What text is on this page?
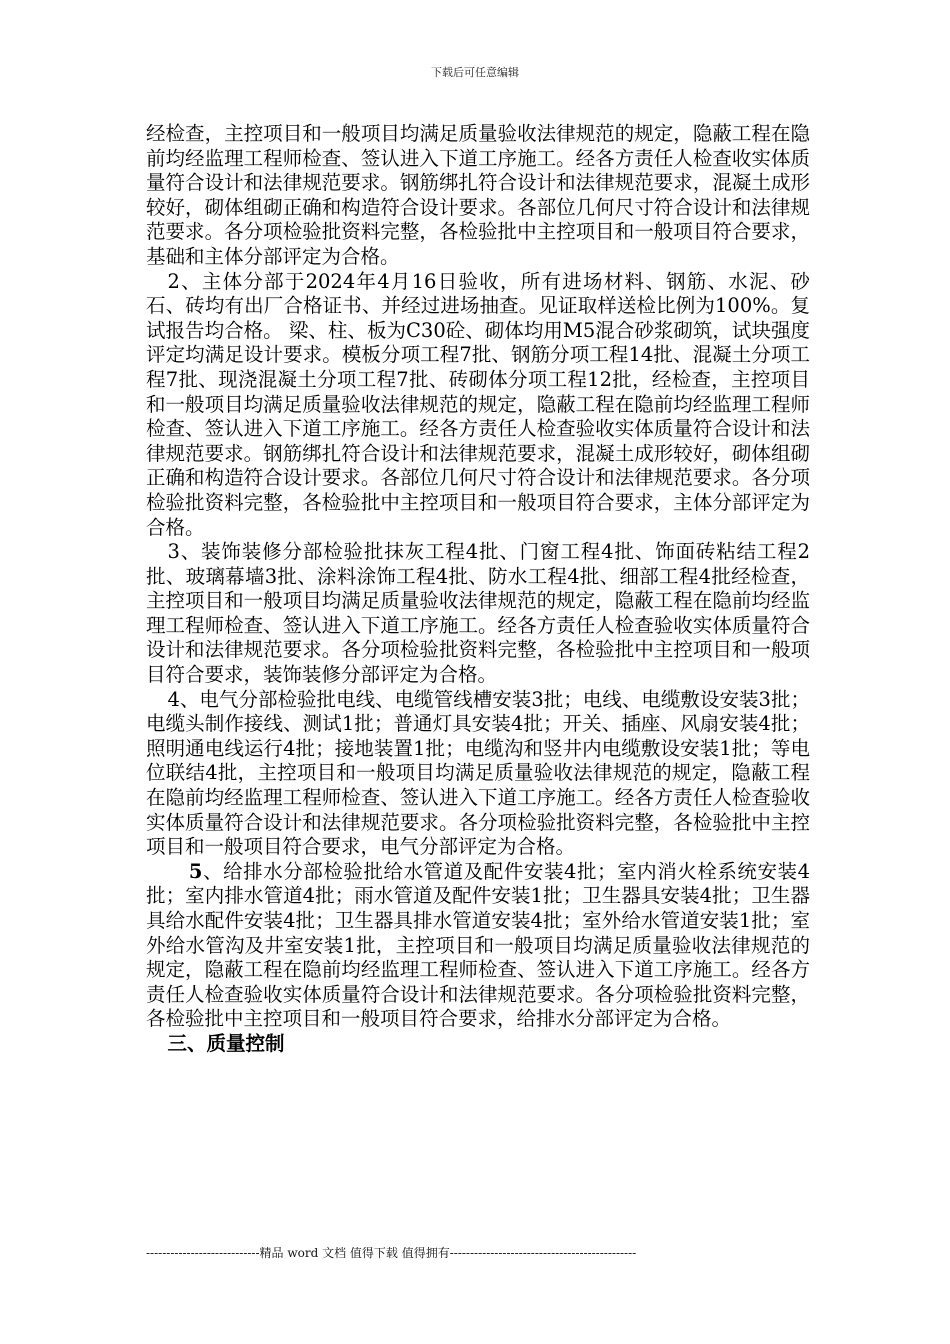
下载后可任意编辑

经检查，主控项目和一般项目均满足质量验收法律规范的规定，隐蔽工程在隐前均经监理工程师检查、签认进入下道工序施工。经各方责任人检查收实体质量符合设计和法律规范要求。钢筋绑扎符合设计和法律规范要求，混凝土成形较好，砌体组砌正确和构造符合设计要求。各部位几何尺寸符合设计和法律规范要求。各分项检验批资料完整，各检验批中主控项目和一般项目符合要求，基础和主体分部评定为合格。

2、主体分部于2024年4月16日验收，所有进场材料、钢筋、水泥、砂石、砖均有出厂合格证书、并经过进场抽查。见证取样送检比例为100%。复试报告均合格。 梁、柱、板为C30砼、砌体均用M5混合砂浆砌筑，试块强度评定均满足设计要求。模板分项工程7批、钢筋分项工程14批、混凝土分项工程7批、现浇混凝土分项工程7批、砖砌体分项工程12批，经检查，主控项目和一般项目均满足质量验收法律规范的规定，隐蔽工程在隐前均经监理工程师检查、签认进入下道工序施工。经各方责任人检查验收实体质量符合设计和法律规范要求。钢筋绑扎符合设计和法律规范要求，混凝土成形较好，砌体组砌正确和构造符合设计要求。各部位几何尺寸符合设计和法律规范要求。各分项检验批资料完整，各检验批中主控项目和一般项目符合要求，主体分部评定为合格。

3、装饰装修分部检验批抹灰工程4批、门窗工程4批、饰面砖粘结工程2批、玻璃幕墙3批、涂料涂饰工程4批、防水工程4批、细部工程4批经检查，主控项目和一般项目均满足质量验收法律规范的规定，隐蔽工程在隐前均经监理工程师检查、签认进入下道工序施工。经各方责任人检查验收实体质量符合设计和法律规范要求。各分项检验批资料完整，各检验批中主控项目和一般项目符合要求，装饰装修分部评定为合格。

4、电气分部检验批电线、电缆管线槽安装3批；电线、电缆敷设安装3批；电缆头制作接线、测试1批；普通灯具安装4批；开关、插座、风扇安装4批；照明通电线运行4批；接地装置1批；电缆沟和竖井内电缆敷设安装1批；等电位联结4批，主控项目和一般项目均满足质量验收法律规范的规定，隐蔽工程在隐前均经监理工程师检查、签认进入下道工序施工。经各方责任人检查验收实体质量符合设计和法律规范要求。各分项检验批资料完整，各检验批中主控项目和一般项目符合要求，电气分部评定为合格。

5、给排水分部检验批给水管道及配件安装4批；室内消火栓系统安装4批；室内排水管道4批；雨水管道及配件安装1批；卫生器具安装4批；卫生器具给水配件安装4批；卫生器具排水管道安装4批；室外给水管道安装1批；室外给水管沟及井室安装1批，主控项目和一般项目均满足质量验收法律规范的规定，隐蔽工程在隐前均经监理工程师检查、签认进入下道工序施工。经各方责任人检查验收实体质量符合设计和法律规范要求。各分项检验批资料完整，各检验批中主控项目和一般项目符合要求，给排水分部评定为合格。

三、质量控制

----------------------------精品 word 文档 值得下载 值得拥有----------------------------------------------
